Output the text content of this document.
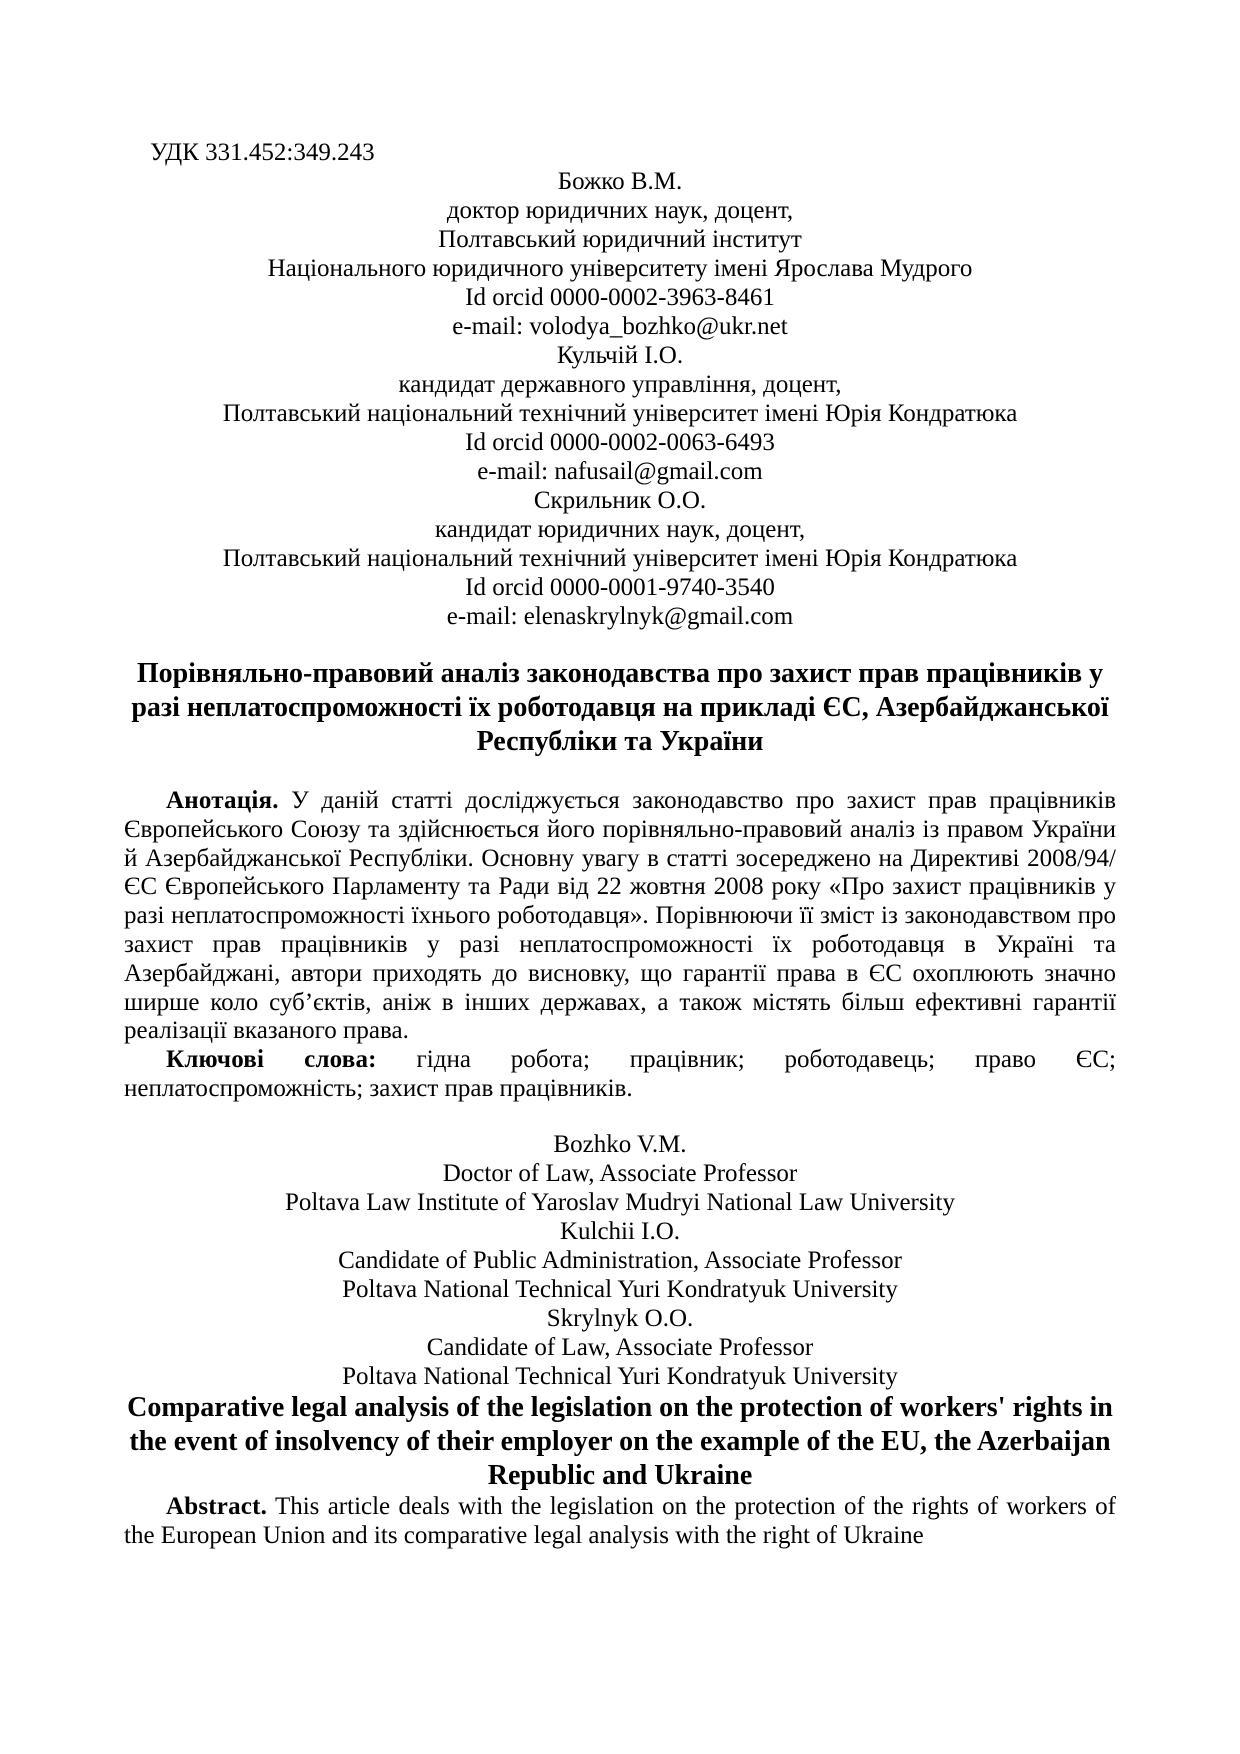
УДК 331.452:349.243

Божко В.М.
доктор юридичних наук, доцент,
Полтавський юридичний інститут
Національного юридичного університету імені Ярослава Мудрого
Id orcid 0000-0002-3963-8461
e-mail: volodya_bozhko@ukr.net
Кульчій І.О.
кандидат державного управління, доцент,
Полтавський національний технічний університет імені Юрія Кондратюка
Id orcid 0000-0002-0063-6493
e-mail: nafusail@gmail.com
Скрильник О.О.
кандидат юридичних наук, доцент,
Полтавський національний технічний університет імені Юрія Кондратюка
Id orcid 0000-0001-9740-3540
e-mail: elenaskrylnyk@gmail.com
Порівняльно-правовий аналіз законодавства про захист прав працівників у разі неплатоспроможності їх роботодавця на прикладі ЄС, Азербайджанської Республіки та України

Анотація. У даній статті досліджується законодавство про захист прав працівників Європейського Союзу та здійснюється його порівняльно-правовий аналіз із правом України й Азербайджанської Республіки. Основну увагу в статті зосереджено на Директиві 2008/94/ЄС Європейського Парламенту та Ради від 22 жовтня 2008 року «Про захист працівників у разі неплатоспроможності їхнього роботодавця». Порівнюючи її зміст із законодавством про захист прав працівників у разі неплатоспроможності їх роботодавця в Україні та Азербайджані, автори приходять до висновку, що гарантії права в ЄС охоплюють значно ширше коло суб’єктів, аніж в інших державах, а також містять більш ефективні гарантії реалізації вказаного права.

Ключові слова: гідна робота; працівник; роботодавець; право ЄС; неплатоспроможність; захист прав працівників.

Bozhko V.M.
Doctor of Law, Associate Professor
Poltava Law Institute of Yaroslav Mudryi National Law University
Kulchii I.O.
Candidate of Public Administration, Associate Professor
Poltava National Technical Yuri Kondratyuk University
Skrylnyk O.O.
Candidate of Law, Associate Professor
Poltava National Technical Yuri Kondratyuk University
Comparative legal analysis of the legislation on the protection of workers' rights in the event of insolvency of their employer on the example of the EU, the Azerbaijan Republic and Ukraine

Abstract. This article deals with the legislation on the protection of the rights of workers of the European Union and its comparative legal analysis with the right of Ukraine
